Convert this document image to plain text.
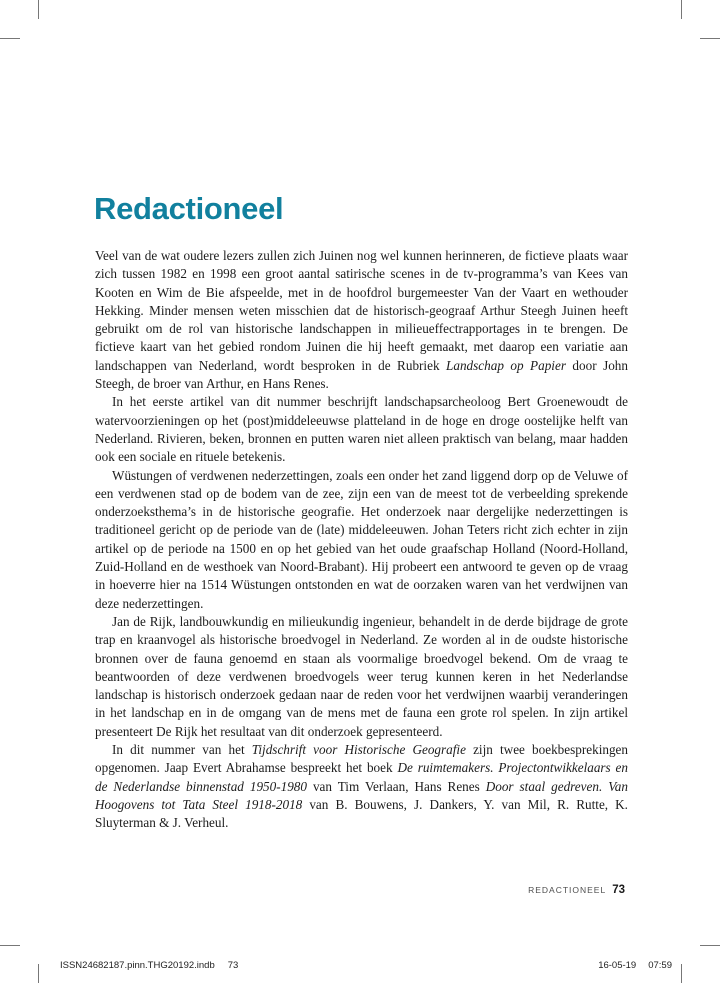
Redactioneel

Veel van de wat oudere lezers zullen zich Juinen nog wel kunnen herinneren, de fictieve plaats waar zich tussen 1982 en 1998 een groot aantal satirische scenes in de tv-programma’s van Kees van Kooten en Wim de Bie afspeelde, met in de hoofdrol burgemeester Van der Vaart en wethouder Hekking. Minder mensen weten misschien dat de historisch-geograaf Arthur Steegh Juinen heeft gebruikt om de rol van historische landschappen in milieueffectrapportages in te brengen. De fictieve kaart van het gebied rondom Juinen die hij heeft gemaakt, met daarop een variatie aan landschappen van Nederland, wordt besproken in de Rubriek Landschap op Papier door John Steegh, de broer van Arthur, en Hans Renes.

In het eerste artikel van dit nummer beschrijft landschapsarcheoloog Bert Groenewoudt de watervoorzieningen op het (post)middeleeuwse platteland in de hoge en droge oostelijke helft van Nederland. Rivieren, beken, bronnen en putten waren niet alleen praktisch van belang, maar hadden ook een sociale en rituele betekenis.

Wüstungen of verdwenen nederzettingen, zoals een onder het zand liggend dorp op de Veluwe of een verdwenen stad op de bodem van de zee, zijn een van de meest tot de verbeelding sprekende onderzoeksthema’s in de historische geografie. Het onderzoek naar dergelijke nederzettingen is traditioneel gericht op de periode van de (late) middeleeuwen. Johan Teters richt zich echter in zijn artikel op de periode na 1500 en op het gebied van het oude graafschap Holland (Noord-Holland, Zuid-Holland en de westhoek van Noord-Brabant). Hij probeert een antwoord te geven op de vraag in hoeverre hier na 1514 Wüstungen ontstonden en wat de oorzaken waren van het verdwijnen van deze nederzettingen.

Jan de Rijk, landbouwkundig en milieukundig ingenieur, behandelt in de derde bijdrage de grote trap en kraanvogel als historische broedvogel in Nederland. Ze worden al in de oudste historische bronnen over de fauna genoemd en staan als voormalige broedvogel bekend. Om de vraag te beantwoorden of deze verdwenen broedvogels weer terug kunnen keren in het Nederlandse landschap is historisch onderzoek gedaan naar de reden voor het verdwijnen waarbij veranderingen in het landschap en in de omgang van de mens met de fauna een grote rol spelen. In zijn artikel presenteert De Rijk het resultaat van dit onderzoek gepresenteerd.

In dit nummer van het Tijdschrift voor Historische Geografie zijn twee boekbesprekingen opgenomen. Jaap Evert Abrahamse bespreekt het boek De ruimtemakers. Projectontwikkelaars en de Nederlandse binnenstad 1950-1980 van Tim Verlaan, Hans Renes Door staal gedreven. Van Hoogovens tot Tata Steel 1918-2018 van B. Bouwens, J. Dankers, Y. van Mil, R. Rutte, K. Sluyterman & J. Verheul.

REDACTIONEEL 73
ISSN24682187.pinn.THG20192.indb 73	16-05-19 07:59
